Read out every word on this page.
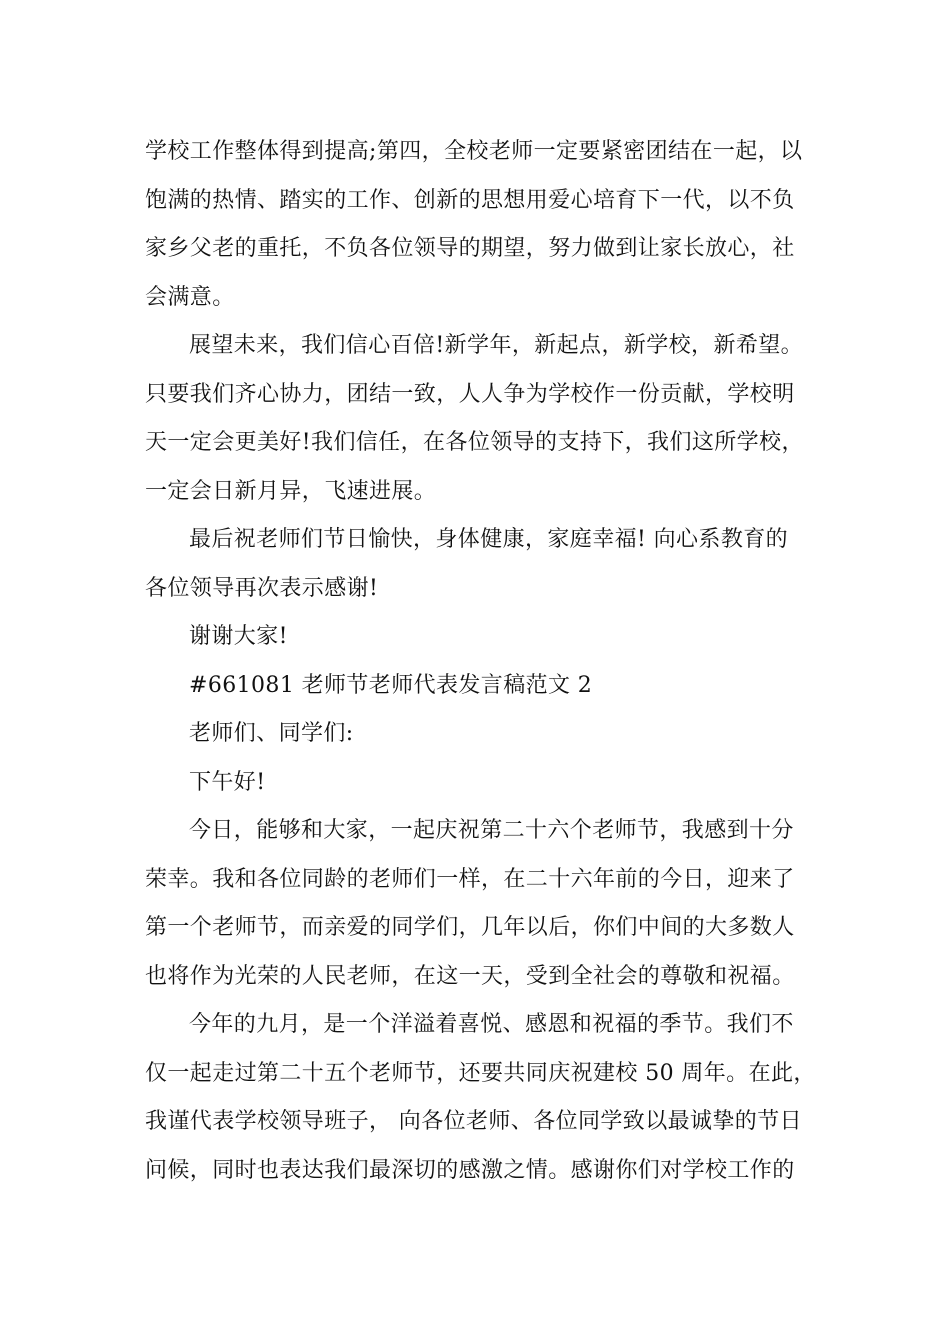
学校工作整体得到提高;第四，全校老师一定要紧密团结在一起，以
饱满的热情、踏实的工作、创新的思想用爱心培育下一代，以不负
家乡父老的重托，不负各位领导的期望，努力做到让家长放心，社
会满意。
展望未来，我们信心百倍!新学年，新起点，新学校，新希望。
只要我们齐心协力，团结一致，人人争为学校作一份贡献，学校明
天一定会更美好!我们信任，在各位领导的支持下，我们这所学校，
一定会日新月异，飞速进展。
最后祝老师们节日愉快，身体健康，家庭幸福! 向心系教育的
各位领导再次表示感谢!
谢谢大家!
#661081 老师节老师代表发言稿范文 2
老师们、同学们:
下午好!
今日，能够和大家，一起庆祝第二十六个老师节，我感到十分
荣幸。我和各位同龄的老师们一样，在二十六年前的今日，迎来了
第一个老师节，而亲爱的同学们，几年以后，你们中间的大多数人
也将作为光荣的人民老师，在这一天，受到全社会的尊敬和祝福。
今年的九月，是一个洋溢着喜悦、感恩和祝福的季节。我们不
仅一起走过第二十五个老师节，还要共同庆祝建校 50 周年。在此，
我谨代表学校领导班子， 向各位老师、各位同学致以最诚挚的节日
问候，同时也表达我们最深切的感激之情。感谢你们对学校工作的
